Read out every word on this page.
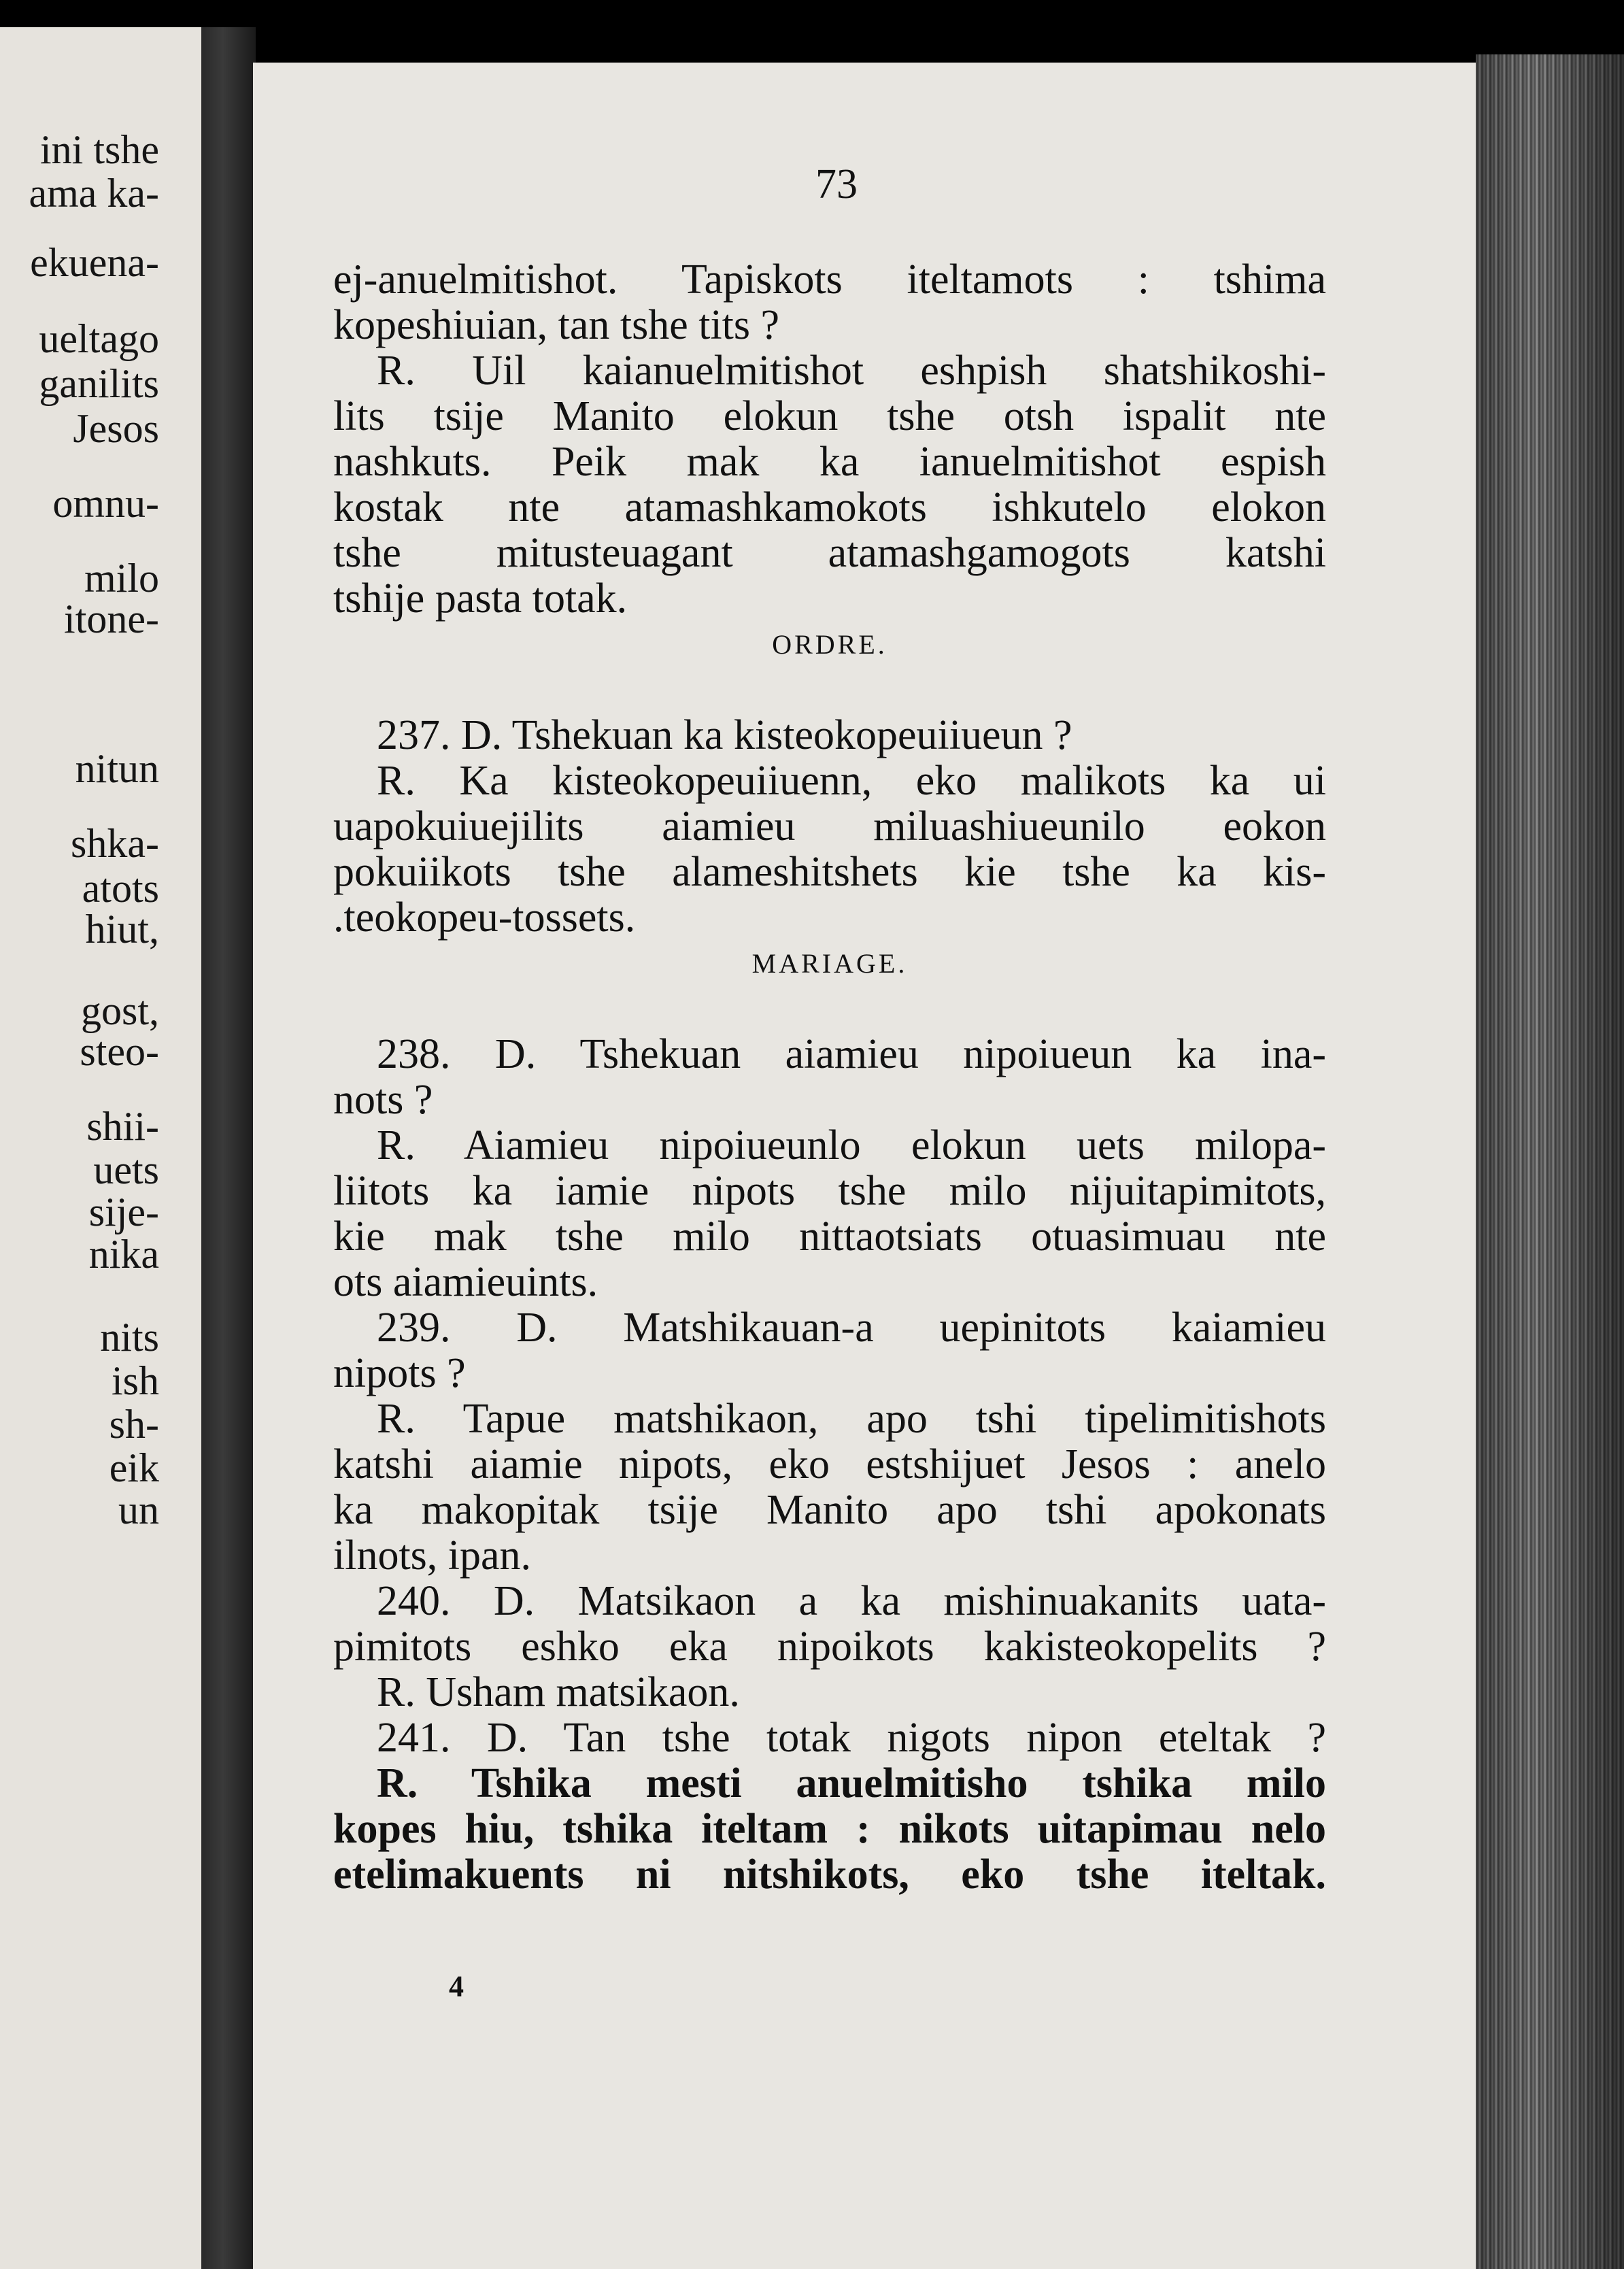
ini tshe
ama ka-
ekuena-
ueltago
ganilits
Jesos
omnu-
milo
itone-
nitun
shka-
atots
hiut,
gost,
steo-
shii-
uets
sije-
nika
nits
ish
sh-
eik
un
73
ej-anuelmitishot. Tapiskots iteltamots : tshima
kopeshiuian, tan tshe tits ?
R. Uil kaianuelmitishot eshpish shatshikoshi-
lits tsije Manito elokun tshe otsh ispalit nte
nashkuts. Peik mak ka ianuelmitishot espish
kostak nte atamashkamokots ishkutelo elokon
tshe mitusteuagant atamashgamogots katshi
tshije pasta totak.
ORDRE.
237. D. Tshekuan ka kisteokopeuiiueun ?
R. Ka kisteokopeuiiuenn, eko malikots ka ui
uapokuiuejilits aiamieu miluashiueunilo eokon
pokuiikots tshe alameshitshets kie tshe ka kis-
.teokopeu-tossets.
MARIAGE.
238. D. Tshekuan aiamieu nipoiueun ka ina-
nots ?
R. Aiamieu nipoiueunlo elokun uets milopa-
liitots ka iamie nipots tshe milo nijuitapimitots,
kie mak tshe milo nittaotsiats otuasimuau nte
ots aiamieuints.
239. D. Matshikauan-a uepinitots kaiamieu
nipots ?
R. Tapue matshikaon, apo tshi tipelimitishots
katshi aiamie nipots, eko estshijuet Jesos : anelo
ka makopitak tsije Manito apo tshi apokonats
ilnots, ipan.
240. D. Matsikaon a ka mishinuakanits uata-
pimitots eshko eka nipoikots kakisteokopelits ?
R. Usham matsikaon.
241. D. Tan tshe totak nigots nipon eteltak ?
R. Tshika mesti anuelmitisho tshika milo
kopes hiu, tshika iteltam : nikots uitapimau nelo
etelimakuents ni nitshikots, eko tshe iteltak.
4
